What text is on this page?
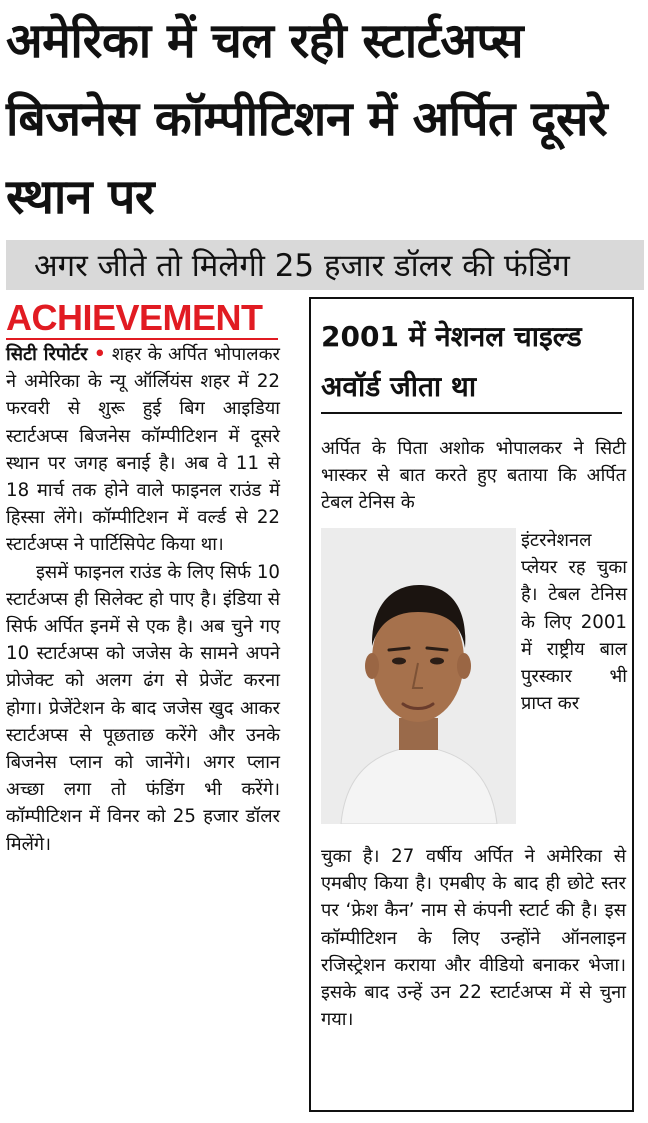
अमेरिका में चल रही स्टार्टअप्स बिजनेस कॉम्पीटिशन में अर्पित दूसरे स्थान पर
अगर जीते तो मिलेगी 25 हजार डॉलर की फंडिंग
ACHIEVEMENT

सिटी रिपोर्टर • शहर के अर्पित भोपालकर ने अमेरिका के न्यू ऑर्लियंस शहर में 22 फरवरी से शुरू हुई बिग आइडिया स्टार्टअप्स बिजनेस कॉम्पीटिशन में दूसरे स्थान पर जगह बनाई है। अब वे 11 से 18 मार्च तक होने वाले फाइनल राउंड में हिस्सा लेंगे। कॉम्पीटिशन में वर्ल्ड से 22 स्टार्टअप्स ने पार्टिसिपेट किया था।

इसमें फाइनल राउंड के लिए सिर्फ 10 स्टार्टअप्स ही सिलेक्ट हो पाए है। इंडिया से सिर्फ अर्पित इनमें से एक है। अब चुने गए 10 स्टार्टअप्स को जजेस के सामने अपने प्रोजेक्ट को अलग ढंग से प्रेजेंट करना होगा। प्रेजेंटेशन के बाद जजेस खुद आकर स्टार्टअप्स से पूछताछ करेंगे और उनके बिजनेस प्लान को जानेंगे। अगर प्लान अच्छा लगा तो फंडिंग भी करेंगे। कॉम्पीटिशन में विनर को 25 हजार डॉलर मिलेंगे।

2001 में नेशनल चाइल्ड अवॉर्ड जीता था

अर्पित के पिता अशोक भोपालकर ने सिटी भास्कर से बात करते हुए बताया कि अर्पित टेबल टेनिस के

इंटरनेशनल प्लेयर रह चुका है। टेबल टेनिस के लिए 2001 में राष्ट्रीय बाल पुरस्कार भी प्राप्त कर

चुका है। 27 वर्षीय अर्पित ने अमेरिका से एमबीए किया है। एमबीए के बाद ही छोटे स्तर पर ‘फ्रेश कैन’ नाम से कंपनी स्टार्ट की है। इस कॉम्पीटिशन के लिए उन्होंने ऑनलाइन रजिस्ट्रेशन कराया और वीडियो बनाकर भेजा। इसके बाद उन्हें उन 22 स्टार्टअप्स में से चुना गया।
